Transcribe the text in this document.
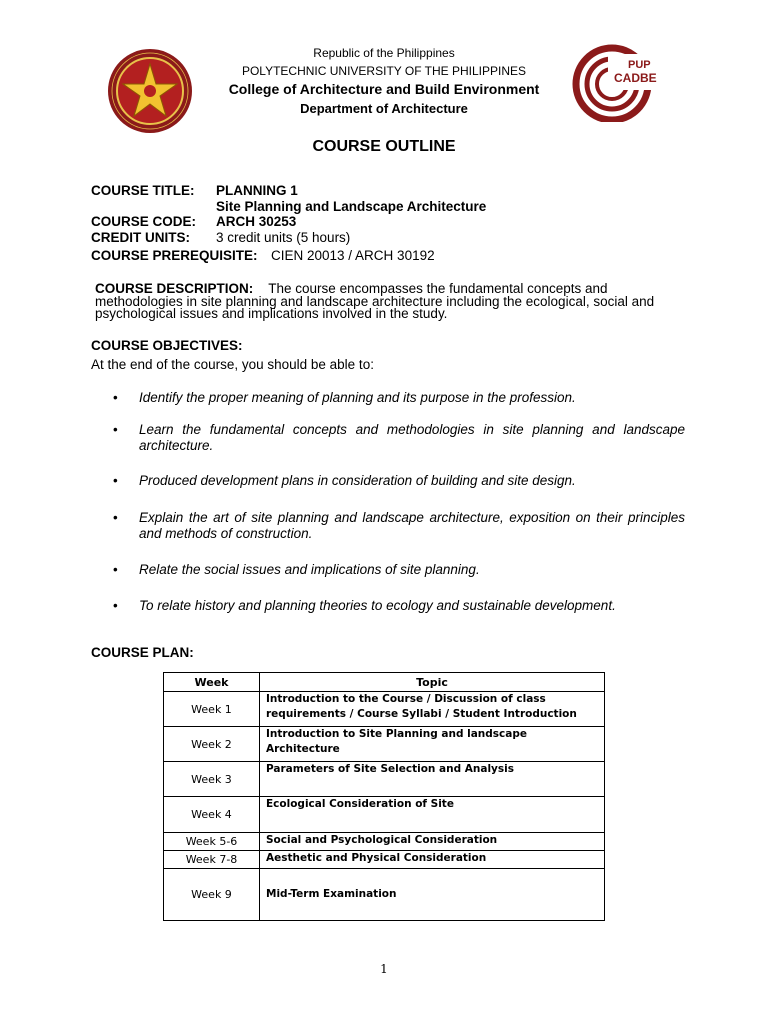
PUP
CADBE
Republic of the Philippines
POLYTECHNIC UNIVERSITY OF THE PHILIPPINES
College of Architecture and Build Environment
Department of Architecture
COURSE OUTLINE
COURSE TITLE: PLANNING 1
Site Planning and Landscape Architecture
COURSE CODE: ARCH 30253
CREDIT UNITS: 3 credit units (5 hours)
COURSE PREREQUISITE: CIEN 20013 / ARCH 30192
COURSE DESCRIPTION: The course encompasses the fundamental concepts and methodologies in site planning and landscape architecture including the ecological, social and psychological issues and implications involved in the study.
COURSE OBJECTIVES:
At the end of the course, you should be able to:
• Identify the proper meaning of planning and its purpose in the profession.
• Learn the fundamental concepts and methodologies in site planning and landscape architecture.
• Produced development plans in consideration of building and site design.
• Explain the art of site planning and landscape architecture, exposition on their principles and methods of construction.
• Relate the social issues and implications of site planning.
• To relate history and planning theories to ecology and sustainable development.
COURSE PLAN:
Week	Topic
Week 1	Introduction to the Course / Discussion of class requirements / Course Syllabi / Student Introduction
Week 2	Introduction to Site Planning and landscape Architecture
Week 3	Parameters of Site Selection and Analysis
Week 4	Ecological Consideration of Site
Week 5-6	Social and Psychological Consideration
Week 7-8	Aesthetic and Physical Consideration
Week 9	Mid-Term Examination
1
